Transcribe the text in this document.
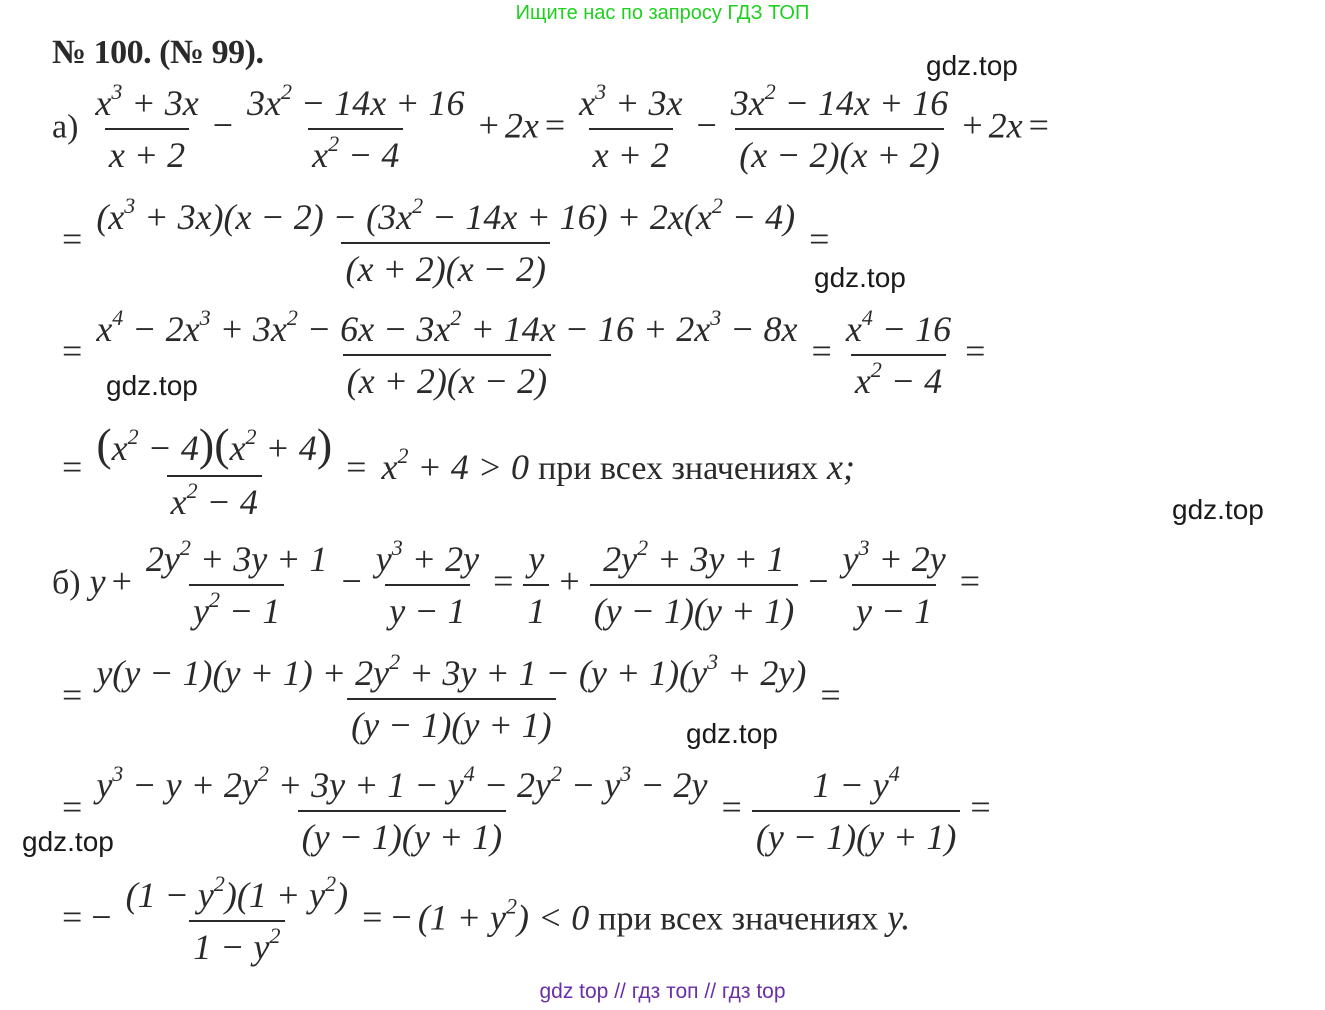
Ищите нас по запросу ГДЗ ТОП
№ 100. (№ 99).	gdz.top
gdz.top
gdz.top
gdz.top
gdz.top
gdz.top
$а) \frac{x^3 + 3x}{x + 2} - \frac{3x^2 - 14x + 16}{x^2 - 4} + 2x = \frac{x^3 + 3x}{x + 2} - \frac{3x^2 - 14x + 16}{(x - 2)(x + 2)} + 2x$ =
= $\frac{(x^3 + 3x)(x - 2) - (3x^2 - 14x + 16) + 2x(x^2 - 4)}{(x + 2)(x - 2)}$ =
= $\frac{x^4 - 2x^3 + 3x^2 - 6x - 3x^2 + 14x - 16 + 2x^3 - 8x}{(x + 2)(x - 2)} = \frac{x^4 - 16}{x^2 - 4}$ =
= $\frac{(x^2 - 4)(x^2 + 4)}{x^2 - 4} = x^2 + 4 > 0$ при всех значениях x;
б) $y + \frac{2y^2 + 3y + 1}{y^2 - 1} - \frac{y^3 + 2y}{y - 1} = \frac{y}{1} + \frac{2y^2 + 3y + 1}{(y - 1)(y + 1)} - \frac{y^3 + 2y}{y - 1}$ =
= $\frac{y(y - 1)(y + 1) + 2y^2 + 3y + 1 - (y + 1)(y^3 + 2y)}{(y - 1)(y + 1)}$ =
= $\frac{y^3 - y + 2y^2 + 3y + 1 - y^4 - 2y^2 - y^3 - 2y}{(y - 1)(y + 1)} = \frac{1 - y^4}{(y - 1)(y + 1)}$ =
= − $\frac{(1 - y^2)(1 + y^2)}{1 - y^2}$ = − $(1 + y^2) < 0$ при всех значениях y.
gdz top // гдз топ // гдз top
